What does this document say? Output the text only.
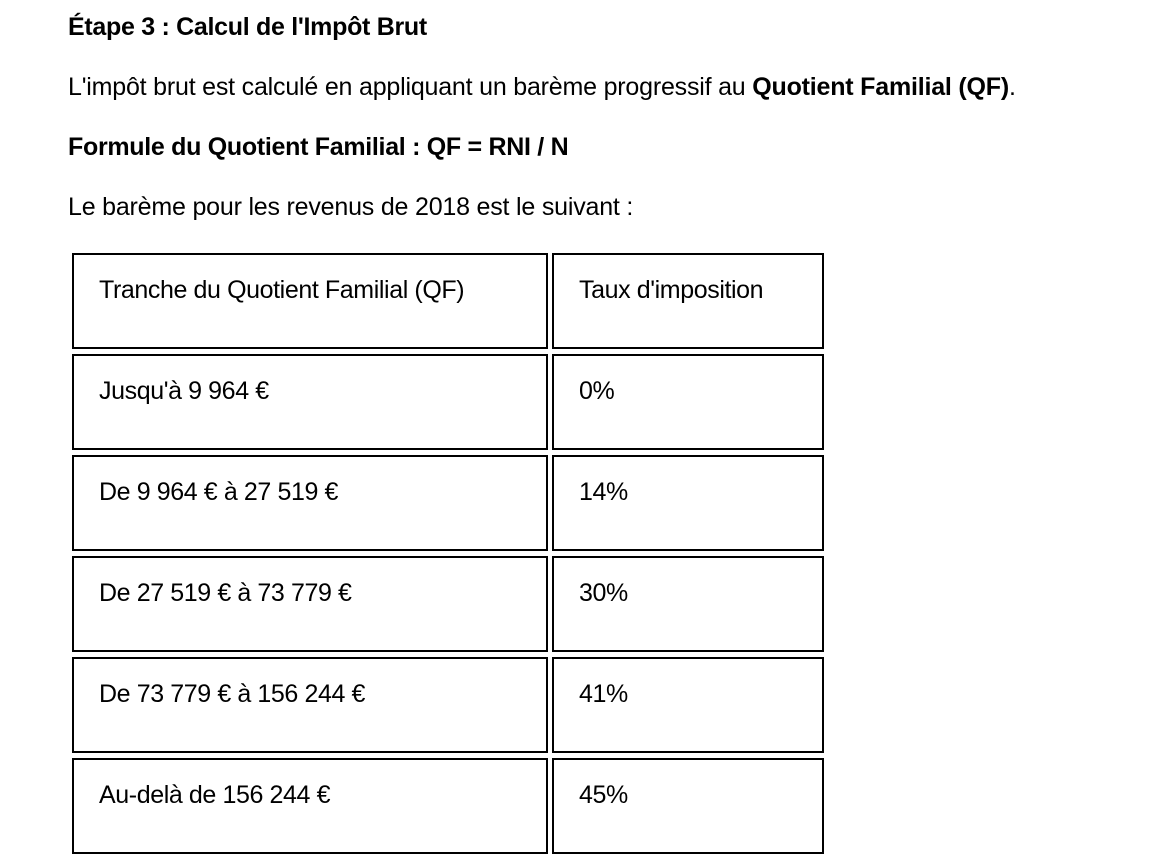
Étape 3 : Calcul de l'Impôt Brut
L'impôt brut est calculé en appliquant un barème progressif au Quotient Familial (QF).
Formule du Quotient Familial : QF = RNI / N
Le barème pour les revenus de 2018 est le suivant :
Tranche du Quotient Familial (QF)	Taux d'imposition
Jusqu'à 9 964 €	0%
De 9 964 € à 27 519 €	14%
De 27 519 € à 73 779 €	30%
De 73 779 € à 156 244 €	41%
Au-delà de 156 244 €	45%
